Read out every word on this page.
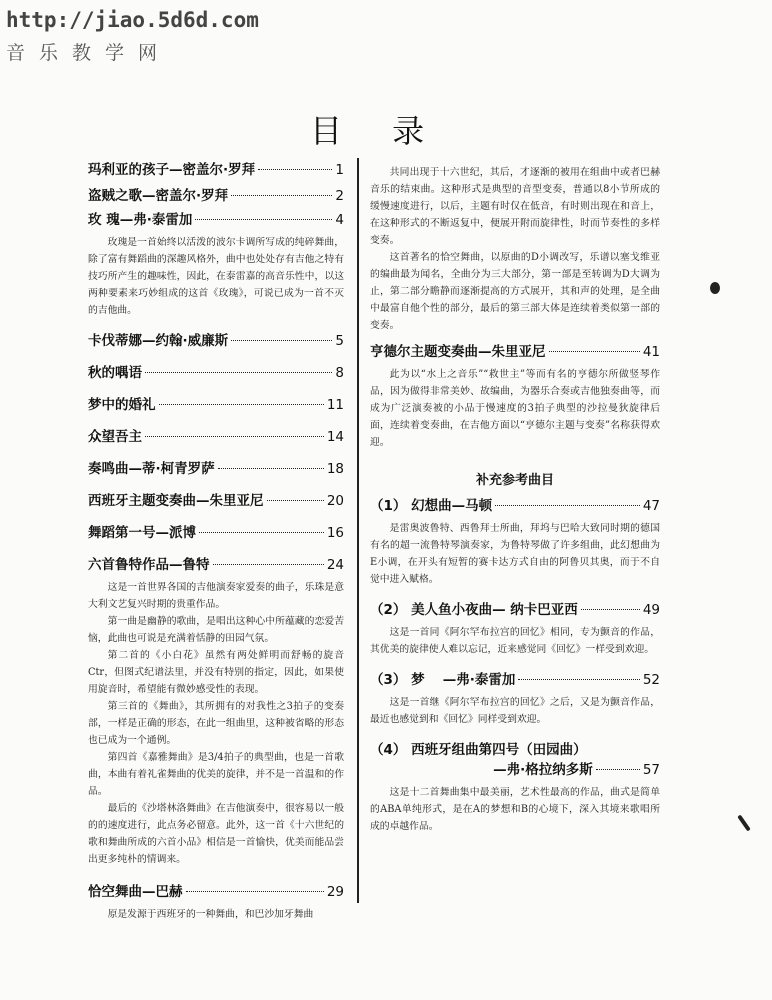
http://jiao.5d6d.com
音乐教学网
目 录
玛利亚的孩子—密盖尔·罗拜	1
盗贼之歌—密盖尔·罗拜	2
玫 瑰—弗·泰雷加	4

玫瑰是一首始终以活泼的波尔卡调所写成的纯碎舞曲，除了富有舞蹈曲的深趣风格外，曲中也处处存有吉他之特有技巧所产生的趣味性，因此，在泰雷嘉的高音乐性中，以这两种要素来巧妙组成的这首《玫瑰》，可说已成为一首不灭的吉他曲。

卡伐蒂娜—约翰·威廉斯	5
秋的喁语	8
梦中的婚礼	11
众望吾主	14
奏鸣曲—蒂·柯青罗萨	18
西班牙主题变奏曲—朱里亚尼	20
舞蹈第一号—派博	16
六首鲁特作品—鲁特	24

这是一首世界各国的吉他演奏家爱奏的曲子，乐珠是意大利文艺复兴时期的贵重作品。

第一曲是幽静的歌曲，是唱出这种心中所蕴藏的恋爱苦恼，此曲也可说是充满着恬静的田园气氛。

第二首的《小白花》虽然有两处鲜明而舒畅的旋音Ctr，但图式纪谱法里，并没有特别的指定，因此，如果使用旋音时，希望能有微妙感受性的表现。

第三首的《舞曲》，其所拥有的对我性之3拍子的变奏部，一样是正确的形态，在此一组曲里，这种被省略的形态也已成为一个通例。

第四首《嘉雅舞曲》是3/4拍子的典型曲，也是一首歌曲，本曲有着礼雀舞曲的优美的旋律，并不是一首温和的作品。

最后的《沙塔林洛舞曲》在吉他演奏中，很容易以一般的的速度进行，此点务必留意。此外，这一首《十六世纪的歌和舞曲所成的六首小品》相信是一首愉快，优美而能品尝出更多纯朴的情调来。

恰空舞曲—巴赫	29

原是发源于西班牙的一种舞曲，和巴沙加牙舞曲

共同出现于十六世纪，其后，才逐渐的被用在组曲中或者巴赫音乐的结束曲。这种形式是典型的音型变奏，普通以8小节所成的缓慢速度进行，以后，主题有时仅在低音，有时则出现在和音上，在这种形式的不断返复中，便展开附而旋律性，时而节奏性的多样变奏。

这首著名的恰空舞曲，以原曲的D小调改写，乐谱以塞戈维亚的编曲最为闻名，全曲分为三大部分，第一部是至转调为D大调为止，第二部分瞻静而逐渐提高的方式展开，其和声的处理，是全曲中最富自他个性的部分，最后的第三部大体是连续着类似第一部的变奏。

亨德尔主题变奏曲—朱里亚尼	41

此为以“水上之音乐”“救世主”等而有名的亨德尔所做竖琴作品，因为做得非常美妙、故编曲，为器乐合奏或吉他独奏曲等，而成为广泛演奏被的小品于慢速度的3拍子典型的沙拉曼狄旋律后面，连续着变奏曲，在吉他方面以“亨德尔主题与变奏”名称获得欢迎。

补充参考曲目
（1） 幻想曲—马顿	47

是雷奥波鲁特、西鲁拜士所曲，拜坞与巴哈大致同时期的德国有名的超一流鲁特琴演奏家，为鲁特琴做了许多组曲，此幻想曲为E小调，在开头有短暂的赛卡达方式自由的阿鲁贝其奥，而于不自觉中进入赋格。

（2） 美人鱼小夜曲— 纳卡巴亚西	49

这是一首同《阿尔罕布拉宫的回忆》相同，专为颤音的作品，其优美的旋律使人难以忘记，近来感觉同《回忆》一样受到欢迎。

（3） 梦　 —弗·泰雷加	52

这是一首继《阿尔罕布拉宫的回忆》之后，又是为颤音作品，最近也感觉到和《回忆》同样受到欢迎。

（4） 西班牙组曲第四号（田园曲）
—弗·格拉纳多斯	57

这是十二首舞曲集中最美丽，艺术性最高的作品，曲式是简单的ABA单纯形式，是在A的梦想和B的心境下，深入其境来歌唱所成的卓越作品。
